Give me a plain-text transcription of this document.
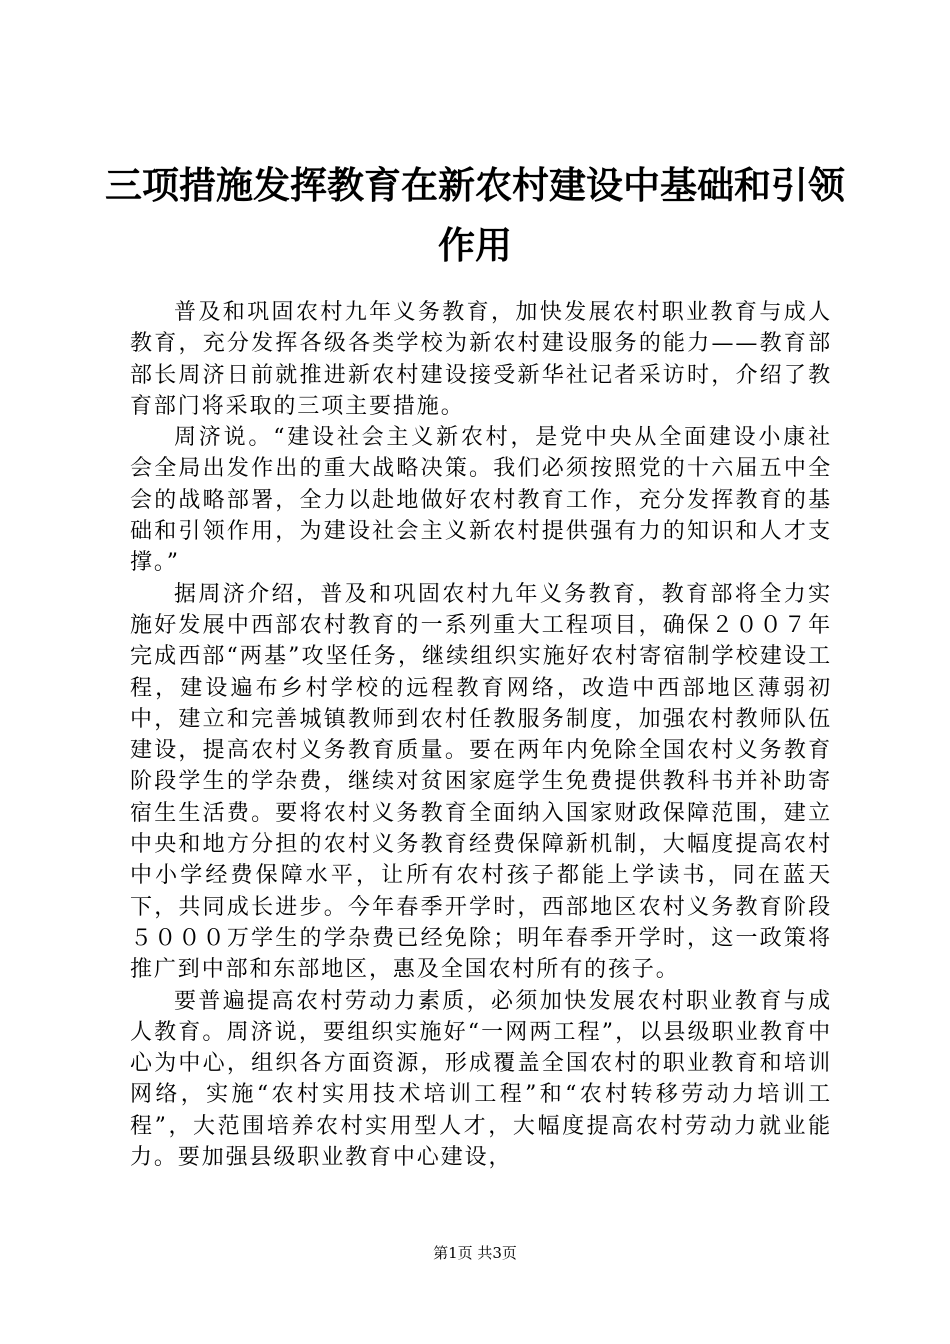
三项措施发挥教育在新农村建设中基础和引领作用

普及和巩固农村九年义务教育，加快发展农村职业教育与成人教育，充分发挥各级各类学校为新农村建设服务的能力——教育部部长周济日前就推进新农村建设接受新华社记者采访时，介绍了教育部门将采取的三项主要措施。

周济说。“建设社会主义新农村，是党中央从全面建设小康社会全局出发作出的重大战略决策。我们必须按照党的十六届五中全会的战略部署，全力以赴地做好农村教育工作，充分发挥教育的基础和引领作用，为建设社会主义新农村提供强有力的知识和人才支撑。”

据周济介绍，普及和巩固农村九年义务教育，教育部将全力实施好发展中西部农村教育的一系列重大工程项目，确保２００７年完成西部“两基”攻坚任务，继续组织实施好农村寄宿制学校建设工程，建设遍布乡村学校的远程教育网络，改造中西部地区薄弱初中，建立和完善城镇教师到农村任教服务制度，加强农村教师队伍建设，提高农村义务教育质量。要在两年内免除全国农村义务教育阶段学生的学杂费，继续对贫困家庭学生免费提供教科书并补助寄宿生生活费。要将农村义务教育全面纳入国家财政保障范围，建立中央和地方分担的农村义务教育经费保障新机制，大幅度提高农村中小学经费保障水平，让所有农村孩子都能上学读书，同在蓝天下，共同成长进步。今年春季开学时，西部地区农村义务教育阶段５０００万学生的学杂费已经免除；明年春季开学时，这一政策将推广到中部和东部地区，惠及全国农村所有的孩子。

要普遍提高农村劳动力素质，必须加快发展农村职业教育与成人教育。周济说，要组织实施好“一网两工程”，以县级职业教育中心为中心，组织各方面资源，形成覆盖全国农村的职业教育和培训网络，实施“农村实用技术培训工程”和“农村转移劳动力培训工程”，大范围培养农村实用型人才，大幅度提高农村劳动力就业能力。要加强县级职业教育中心建设，

第1页 共3页
